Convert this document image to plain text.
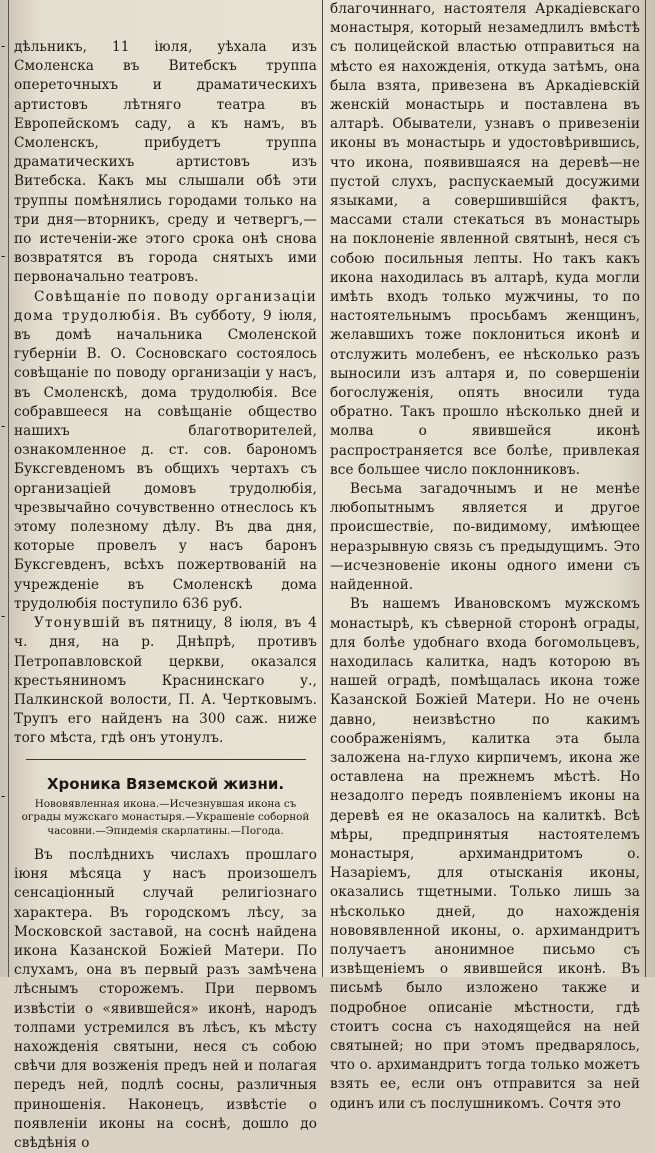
-
-
-
-
-

дѣльникъ, 11 іюля, уѣхала изъ Смоленска въ Витебскъ труппа опереточныхъ и драматическихъ артистовъ лѣтняго театра въ Европейскомъ саду, а къ намъ, въ Смоленскъ, прибудетъ труппа драматическихъ артистовъ изъ Витебска. Какъ мы слышали обѣ эти труппы помѣнялись городами только на три дня—вторникъ, среду и четвергъ,—по истеченіи-же этого срока онѣ снова возвратятся въ города снятыхъ ими первоначально театровъ.

Совѣщаніе по поводу организаціи дома трудолюбія. Въ субботу, 9 іюля, въ домѣ начальника Смоленской губерніи В. О. Сосновскаго состоялось совѣщаніе по поводу организаціи у насъ, въ Смоленскѣ, дома трудолюбія. Все собравшееся на совѣщаніе общество нашихъ благотворителей, ознакомленное д. ст. сов. барономъ Буксгевденомъ въ общихъ чертахъ съ организаціей домовъ трудолюбія, чрезвычайно сочувственно отнеслось къ этому полезному дѣлу. Въ два дня, которые провелъ у насъ баронъ Буксгевденъ, всѣхъ пожертвованій на учрежденіе въ Смоленскѣ дома трудолюбія поступило 636 руб.

Утонувшій въ пятницу, 8 іюля, въ 4 ч. дня, на р. Днѣпрѣ, противъ Петропавловской церкви, оказался крестьяниномъ Краснинскаго у., Палкинской волости, П. А. Чертковымъ. Трупъ его найденъ на 300 саж. ниже того мѣста, гдѣ онъ утонулъ.

Хроника Вяземской жизни.
Нововявленная икона.—Исчезнувшая икона съ ограды мужскаго монастыря.—Украшеніе соборной часовни.—Эпидемія скарлатины.—Погода.

Въ послѣднихъ числахъ прошлаго іюня мѣсяца у насъ произошелъ сенсаціонный случай религіознаго характера. Въ городскомъ лѣсу, за Московской заставой, на соснѣ найдена икона Казанской Божіей Матери. По слухамъ, она въ первый разъ замѣчена лѣснымъ сторожемъ. При первомъ извѣстіи о «явившейся» иконѣ, народъ толпами устремился въ лѣсъ, къ мѣсту нахожденія святыни, неся съ собою свѣчи для возженія предъ ней и полагая передъ ней, подлѣ сосны, различныя приношенія. Наконецъ, извѣстіе о появленіи иконы на соснѣ, дошло до свѣдѣнія о

благочиннаго, настоятеля Аркадіевскаго монастыря, который незамедлилъ вмѣстѣ съ полицейской властью отправиться на мѣсто ея нахожденія, откуда затѣмъ, она была взята, привезена въ Аркадіевскій женскій монастырь и поставлена въ алтарѣ. Обыватели, узнавъ о привезеніи иконы въ монастырь и удостовѣрившись, что икона, появившаяся на деревѣ—не пустой слухъ, распускаемый досужими языками, а совершившійся фактъ, массами стали стекаться въ монастырь на поклоненіе явленной святынѣ, неся съ собою посильныя лепты. Но такъ какъ икона находилась въ алтарѣ, куда могли имѣть входъ только мужчины, то по настоятельнымъ просьбамъ женщинъ, желавшихъ тоже поклониться иконѣ и отслужить молебенъ, ее нѣсколько разъ выносили изъ алтаря и, по совершеніи богослуженія, опять вносили туда обратно. Такъ прошло нѣсколько дней и молва о явившейся иконѣ распространяется все болѣе, привлекая все большее число поклонниковъ.

Весьма загадочнымъ и не менѣе любопытнымъ является и другое происшествіе, по-видимому, имѣющее неразрывную связь съ предыдущимъ. Это—исчезновеніе иконы одного имени съ найденной.

Въ нашемъ Ивановскомъ мужскомъ монастырѣ, къ сѣверной сторонѣ ограды, для болѣе удобнаго входа богомольцевъ, находилась калитка, надъ которою въ нашей оградѣ, помѣщалась икона тоже Казанской Божіей Матери. Но не очень давно, неизвѣстно по какимъ соображеніямъ, калитка эта была заложена на-глухо кирпичемъ, икона же оставлена на прежнемъ мѣстѣ. Но незадолго передъ появленіемъ иконы на деревѣ ея не оказалось на калиткѣ. Всѣ мѣры, предпринятыя настоятелемъ монастыря, архимандритомъ о. Назаріемъ, для отысканія иконы, оказались тщетными. Только лишь за нѣсколько дней, до нахожденія нововявленной иконы, о. архимандритъ получаетъ анонимное письмо съ извѣщеніемъ о явившейся иконѣ. Въ письмѣ было изложено также и подробное описаніе мѣстности, гдѣ стоитъ сосна съ находящейся на ней святыней; но при этомъ предварялось, что о. архимандритъ тогда только можетъ взять ее, если онъ отправится за ней одинъ или съ послушникомъ. Сочтя это
